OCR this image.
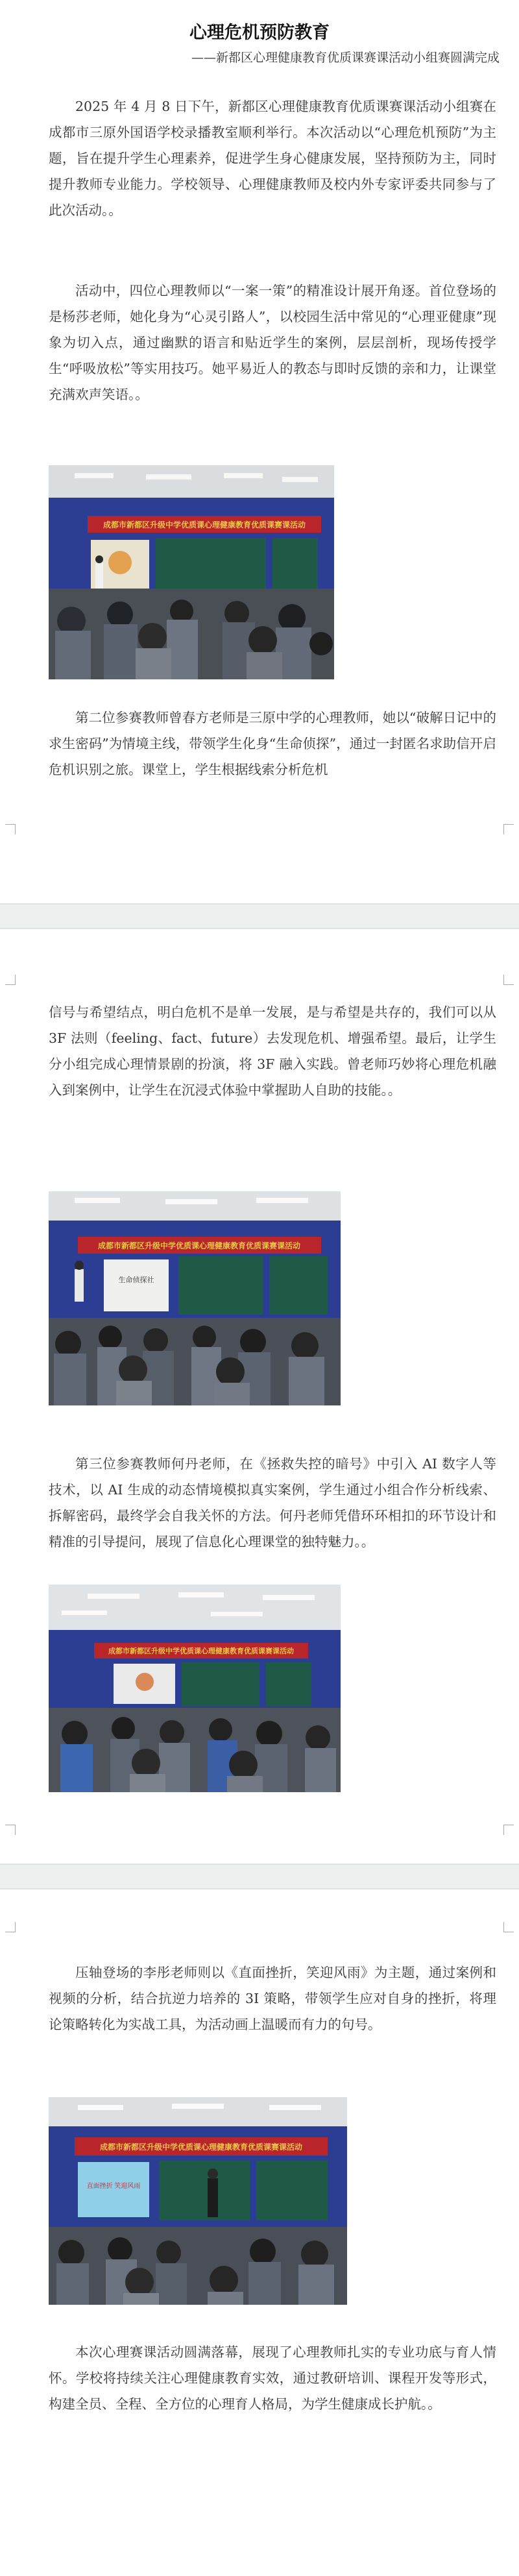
心理危机预防教育
——新都区心理健康教育优质课赛课活动小组赛圆满完成

2025 年 4 月 8 日下午，新都区心理健康教育优质课赛课活动小组赛在成都市三原外国语学校录播教室顺利举行。本次活动以“心理危机预防”为主题，旨在提升学生心理素养，促进学生身心健康发展，坚持预防为主，同时提升教师专业能力。学校领导、心理健康教师及校内外专家评委共同参与了此次活动。。

活动中，四位心理教师以“一案一策”的精准设计展开角逐。首位登场的是杨莎老师，她化身为“心灵引路人”，以校园生活中常见的“心理亚健康”现象为切入点，通过幽默的语言和贴近学生的案例，层层剖析，现场传授学生“呼吸放松”等实用技巧。她平易近人的教态与即时反馈的亲和力，让课堂充满欢声笑语。。

成都市新都区升级中学优质课心理健康教育优质课赛课活动

第二位参赛教师曾春方老师是三原中学的心理教师，她以“破解日记中的求生密码”为情境主线，带领学生化身“生命侦探”，通过一封匿名求助信开启危机识别之旅。课堂上，学生根据线索分析危机

信号与希望结点，明白危机不是单一发展，是与希望是共存的，我们可以从 3F 法则（feeling、fact、future）去发现危机、增强希望。最后，让学生分小组完成心理情景剧的扮演，将 3F 融入实践。曾老师巧妙将心理危机融入到案例中，让学生在沉浸式体验中掌握助人自助的技能。。

成都市新都区升级中学优质课心理健康教育优质课赛课活动
生命侦探社

第三位参赛教师何丹老师，在《拯救失控的暗号》中引入 AI 数字人等技术，以 AI 生成的动态情境模拟真实案例，学生通过小组合作分析线索、拆解密码，最终学会自我关怀的方法。何丹老师凭借环环相扣的环节设计和精准的引导提问，展现了信息化心理课堂的独特魅力。。

成都市新都区升级中学优质课心理健康教育优质课赛课活动

压轴登场的李彤老师则以《直面挫折，笑迎风雨》为主题，通过案例和视频的分析，结合抗逆力培养的 3I 策略，带领学生应对自身的挫折，将理论策略转化为实战工具，为活动画上温暖而有力的句号。

成都市新都区升级中学优质课心理健康教育优质课赛课活动
直面挫折 笑迎风雨

本次心理赛课活动圆满落幕，展现了心理教师扎实的专业功底与育人情怀。学校将持续关注心理健康教育实效，通过教研培训、课程开发等形式，构建全员、全程、全方位的心理育人格局，为学生健康成长护航。。
